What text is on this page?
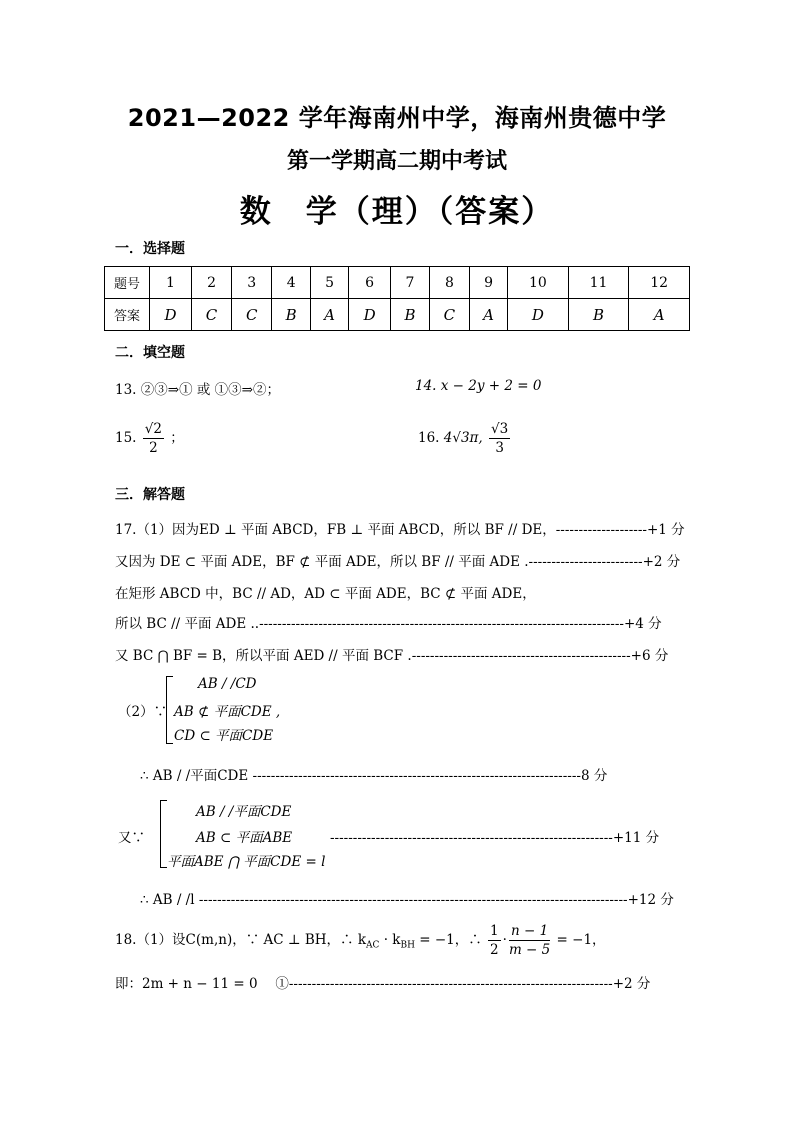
2021—2022 学年海南州中学，海南州贵德中学
第一学期高二期中考试
数　学（理）（答案）
一．选择题
题号	1	2	3	4	5	6	7	8	9	10	11	12
答案	D	C	C	B	A	D	B	C	A	D	B	A
二．填空题
13. ②③⇒① 或 ①③⇒②；	14. x − 2y + 2 = 0
15. $\frac{√2}{2}$ ；	16. 4√3π, $\frac{√3}{3}$
三．解答题
17.（1）因为ED ⊥ 平面 ABCD，FB ⊥ 平面 ABCD，所以 BF // DE，--------------------+1 分
又因为 DE ⊂ 平面 ADE，BF ⊄ 平面 ADE，所以 BF // 平面 ADE .-------------------------+2 分
在矩形 ABCD 中，BC // AD，AD ⊂ 平面 ADE，BC ⊄ 平面 ADE，
所以 BC // 平面 ADE ..--------------------------------------------------------------------------------+4 分
又 BC ⋂ BF = B，所以平面 AED // 平面 BCF .------------------------------------------------+6 分
（2）∵
AB / /CD
AB ⊄ 平面CDE ,
CD ⊂ 平面CDE
∴ AB / /平面CDE ------------------------------------------------------------------------8 分
又∵
AB / /平面CDE
AB ⊂ 平面ABE
平面ABE ⋂ 平面CDE = l
--------------------------------------------------------------+11 分
∴ AB / /l ----------------------------------------------------------------------------------------------+12 分
18.（1）设C(m,n)，∵ AC ⊥ BH，∴ $k_{AC} \cdot k_{BH} = -1$，∴ $\frac{1}{2} \cdot \frac{n - 1}{m - 5} = -1$，
即：2m + n − 11 = 0　 ①-----------------------------------------------------------------------+2 分
